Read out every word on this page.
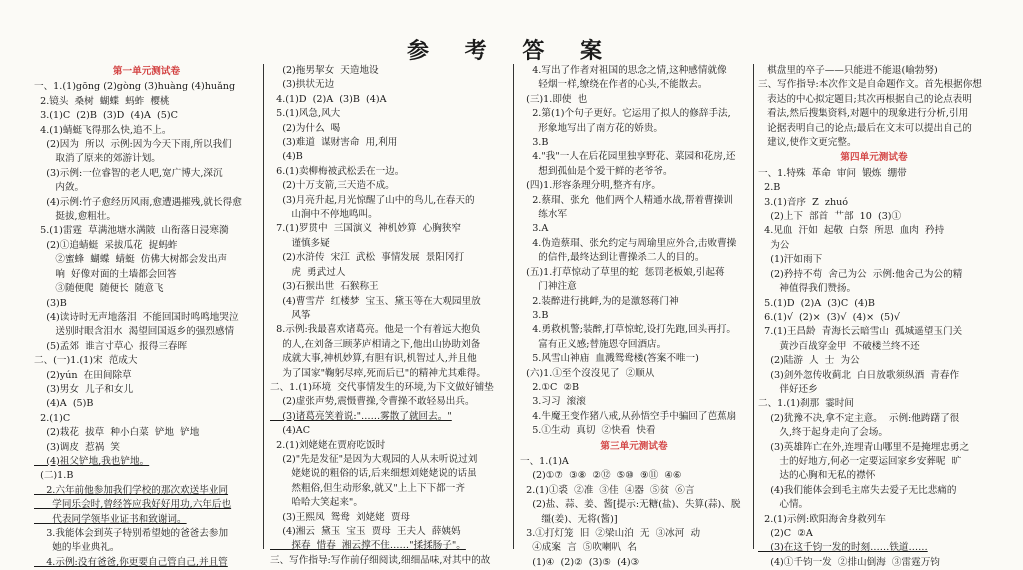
参 考 答 案
第一单元测试卷
一、1.(1)gōng (2)gòng (3)huàng (4)huǎng
2.镜头  桑树  蝴蝶  蚂蚱  樱桃
3.(1)C  (2)B  (3)D  (4)A  (5)C
4.(1)蜻蜓飞得那么快,追不上。
(2)因为  所以  示例:因为今天下雨,所以我们
取消了原来的郊游计划。
(3)示例:一位睿智的老人吧,宽广博大,深沉
内敛。
(4)示例:竹子愈经历风雨,愈遭遇摧残,就长得愈
挺拔,愈粗壮。
5.(1)雷霆  草满池塘水满陂  山衔落日浸寒漪
(2)①追蜻蜓  采拔瓜花  捉蚂蚱
②蜜蜂  蝴蝶  蜻蜓  仿佛大树都会发出声
响  好像对面的土墙都会回答
③随便爬  随便长  随意飞
(3)B
(4)读诗时无声地落泪  不能回国时鸣鸣地哭泣
送别时眼含泪水  渴望回国返乡的强烈感情
(5)孟郊  谁言寸草心  报得三春晖
二、(一)1.(1)宋  范成大
(2)yún  在田间除草
(3)男女  儿子和女儿
(4)A  (5)B
2.(1)C
(2)栽花  拔草  种小白菜  铲地  铲地
(3)调皮  惹祸  笑
(4)祖父铲地,我也铲地。
(二)1.B
2.六年前他参加我们学校的那次欢送毕业同
学同乐会时,曾经答应我好好用功,六年后也
代表同学领毕业证书和致谢词。
3.我能体会到英子特别希望她的爸爸去参加
她的毕业典礼。
4.示例:没有爸爸,你更要自己管自己,并且管
(2)拖男挈女  天造地设
(3)拱状无边
4.(1)D  (2)A  (3)B  (4)A
5.(1)风急,风大
(2)为什么  喝
(3)难道  谋财害命  用,利用
(4)B
6.(1)卖柳梅被武松丢在一边。
(2)十万支箭,三天造不成。
(3)月亮升起,月光惊醒了山中的鸟儿,在春天的
山涧中不停地鸣叫。
7.(1)罗贯中  三国演义  神机妙算  心胸狭窄
谨慎多疑
(2)水浒传  宋江  武松  事情发展  景阳冈打
虎  勇武过人
(3)石猴出世  石猴称王
(4)曹雪芹  红楼梦  宝玉、黛玉等在大观园里放
风筝
8.示例:我最喜欢诸葛亮。他是一个有着远大抱负
的人,在刘备三顾茅庐相请之下,他出山协助刘备
成就大事,神机妙算,有胆有识,机智过人,并且他
为了国家"鞠躬尽瘁,死而后已"的精神尤其难得。
二、1.(1)环境  交代事情发生的环境,为下文做好铺垫
(2)虚张声势,震慑曹操,令曹操不敢轻易出兵。
(3)诸葛亮笑着说:"……雾散了就回去。"
(4)AC
2.(1)刘姥姥在贾府吃饭时
(2)"先是发征"是因为大观园的人从未听说过刘
姥姥说的粗俗的话,后来细想刘姥姥说的话虽
然粗俗,但生动形象,就又"上上下下都一齐
哈哈大笑起来"。
(3)王熙凤  鸳鸯  刘姥姥  贾母
(4)湘云  黛玉  宝玉  贾母  王夫人  薛姨妈
探春  惜春  湘云撑不住……"揉揉肠子"。
三、写作指导:写作前仔细阅读,细细品味,对其中的故
4.写出了作者对祖国的思念之情,这种感情就像
轻烟一样,缭绕在作者的心头,不能散去。
(三)1.即使  也
2.第(1)个句子更好。它运用了拟人的修辞手法,
形象地写出了南方花的娇贵。
3.B
4."我"一人在后花园里独享野花、菜园和花房,还
想到孤仙是个爱干鲜的老爷爷。
(四)1.形容条理分明,整齐有序。
2.蔡瑁、张允  他们两个人精通水战,帮着曹操训
练水军
3.A
4.伪造蔡瑁、张允约定与周瑜里应外合,击败曹操
的信件,最终达到让曹操杀二人的目的。
(五)1.打草惊动了草里的蛇  惩罚老板娘,引起蒋
门神注意
2.装醉进行挑衅,为的是激怒蒋门神
3.B
4.勇救机警;装醉,打草惊蛇,设打先跑,回头再打。
富有正义感;替施恩夺回酒店。
5.风雪山神庙  血溅鸳鸯楼(答案不唯一)
(六)1.①至个沒沒见了  ②顺从
2.①C  ②B
3.习习  滚滚
4.牛魔王变作猪八戒,从孙悟空手中骗回了芭蕉扇
5.①生动  真切  ②快看  快看
第三单元测试卷
一、1.(1)A
(2)①⑦  ③⑧  ②⑫  ⑤⑩  ⑨⑪  ④⑥
2.(1)①裘  ②准  ③佳  ④器  ⑤贫  ⑥言
(2)盐、蒜、姜、酱[提示:无糖(盐)、失算(蒜)、脱
缰(姜)、无将(酱)]
3.①打灯笼  旧  ②梁山泊  无  ③冰河  动
④成案  言  ⑤吹喇叭  名
(1)④  (2)②  (3)⑤  (4)③
棋盘里的卒子——只能进不能退(喻勃努)
三、写作指导:本次作文是自命题作文。首先根据你想
表达的中心拟定题目;其次再根据自己的论点表明
看法,然后搜集资料,对题中的现象进行分析,引用
论据表明自己的论点;最后在文末可以提出自己的
建议,使作文更完整。
第四单元测试卷
一、1.特殊  革命  审问  锻炼  绷带
2.B
3.(1)音序  Z  zhuó
(2)上下  部首  艹部  10  (3)①
4.见血  汗如  起敬  白祭  所思  血肉  矜持
为公
(1)汗如雨下
(2)矜持不苟  舍己为公  示例:他舍己为公的精
神值得我们赞扬。
5.(1)D  (2)A  (3)C  (4)B
6.(1)√  (2)×  (3)√  (4)×  (5)√
7.(1)王昌龄  青海长云暗雪山  孤城遥望玉门关
黄沙百战穿金甲  不破楼兰终不还
(2)陆游  人  士  为公
(3)剑外忽传收蓟北  白日放歌须纵酒  青春作
伴好还乡
二、1.(1)刹那  霎时间
(2)犹豫不决,拿不定主意。  示例:他踌躇了很
久,终于起身走向了会场。
(3)英雄阵亡在外,连埋青山哪里不是掩埋忠勇之
士的好地方,何必一定要运回家乡安葬呢  旷
达的心胸和无私的襟怀
(4)我们能体会到毛主席失去爱子无比悲痛的
心情。
2.(1)示例:欧阳海舍身救列车
(2)C  ②A
(3)在这千钧一发的时刻……铁道……
(4)①千钧一发  ②排山倒海  ③雷霆万钧
